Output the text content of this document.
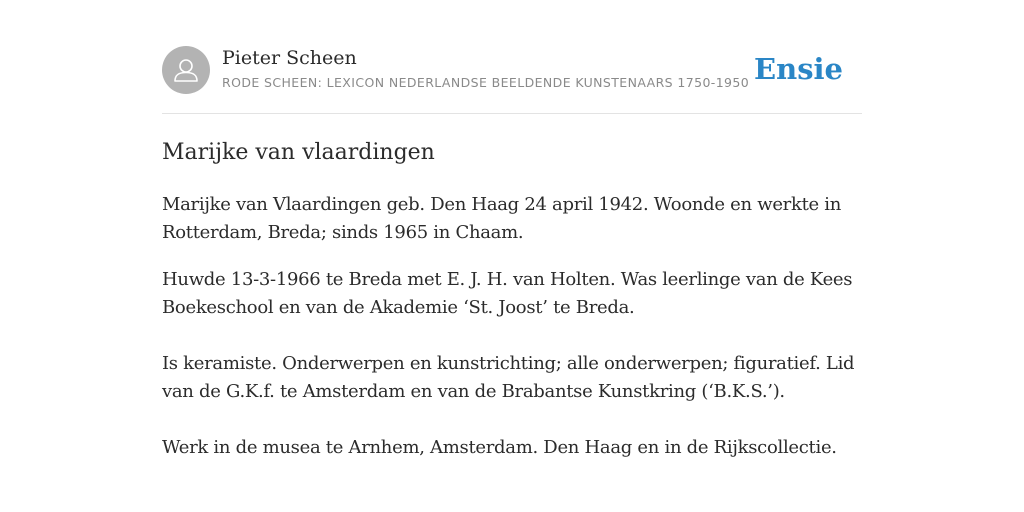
Pieter Scheen
RODE SCHEEN: LEXICON NEDERLANDSE BEELDENDE KUNSTENAARS 1750-1950 Ensie
Marijke van vlaardingen

Marijke van Vlaardingen geb. Den Haag 24 april 1942. Woonde en werkte in Rotterdam, Breda; sinds 1965 in Chaam.

Huwde 13-3-1966 te Breda met E. J. H. van Holten. Was leerlinge van de Kees Boekeschool en van de Akademie ‘St. Joost’ te Breda.

Is keramiste. Onderwerpen en kunstrichting; alle onderwerpen; figuratief. Lid van de G.K.f. te Amsterdam en van de Brabantse Kunstkring (‘B.K.S.’).

Werk in de musea te Arnhem, Amsterdam. Den Haag en in de Rijkscollectie.
